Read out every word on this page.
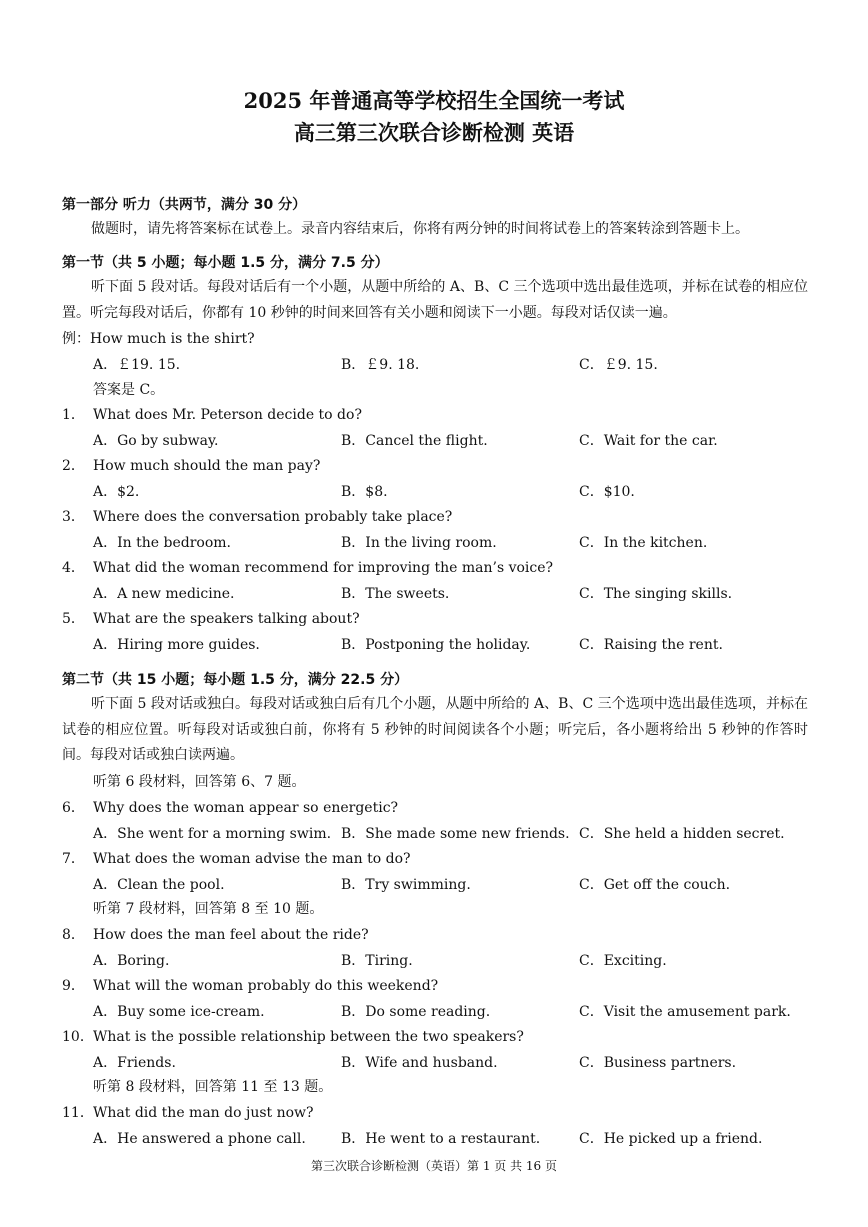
2025 年普通高等学校招生全国统一考试
高三第三次联合诊断检测 英语
第一部分 听力（共两节，满分 30 分）
做题时，请先将答案标在试卷上。录音内容结束后，你将有两分钟的时间将试卷上的答案转涂到答题卡上。
第一节（共 5 小题；每小题 1.5 分，满分 7.5 分）
听下面 5 段对话。每段对话后有一个小题，从题中所给的 A、B、C 三个选项中选出最佳选项，并标在试卷的相应位置。听完每段对话后，你都有 10 秒钟的时间来回答有关小题和阅读下一小题。每段对话仅读一遍。
例：How much is the shirt?
A．￡19. 15.	B．￡9. 18.	C．￡9. 15.
答案是 C。
1． What does Mr. Peterson decide to do?
A．Go by subway.	B．Cancel the flight.	C．Wait for the car.
2． How much should the man pay?
A．$2.	B．$8.	C．$10.
3． Where does the conversation probably take place?
A．In the bedroom.	B．In the living room.	C．In the kitchen.
4． What did the woman recommend for improving the man’s voice?
A．A new medicine.	B．The sweets.	C．The singing skills.
5． What are the speakers talking about?
A．Hiring more guides.	B．Postponing the holiday.	C．Raising the rent.
第二节（共 15 小题；每小题 1.5 分，满分 22.5 分）
听下面 5 段对话或独白。每段对话或独白后有几个小题，从题中所给的 A、B、C 三个选项中选出最佳选项，并标在试卷的相应位置。听每段对话或独白前，你将有 5 秒钟的时间阅读各个小题；听完后，各小题将给出 5 秒钟的作答时间。每段对话或独白读两遍。
听第 6 段材料，回答第 6、7 题。
6． Why does the woman appear so energetic?
A．She went for a morning swim. B．She made some new friends. C．She held a hidden secret.
7． What does the woman advise the man to do?
A．Clean the pool.	B．Try swimming.	C．Get off the couch.
听第 7 段材料，回答第 8 至 10 题。
8． How does the man feel about the ride?
A．Boring.	B．Tiring.	C．Exciting.
9． What will the woman probably do this weekend?
A．Buy some ice-cream.	B．Do some reading.	C．Visit the amusement park.
10．What is the possible relationship between the two speakers?
A．Friends.	B．Wife and husband.	C．Business partners.
听第 8 段材料，回答第 11 至 13 题。
11．What did the man do just now?
A．He answered a phone call.	B．He went to a restaurant.	C．He picked up a friend.
第三次联合诊断检测（英语）第 1 页 共 16 页
